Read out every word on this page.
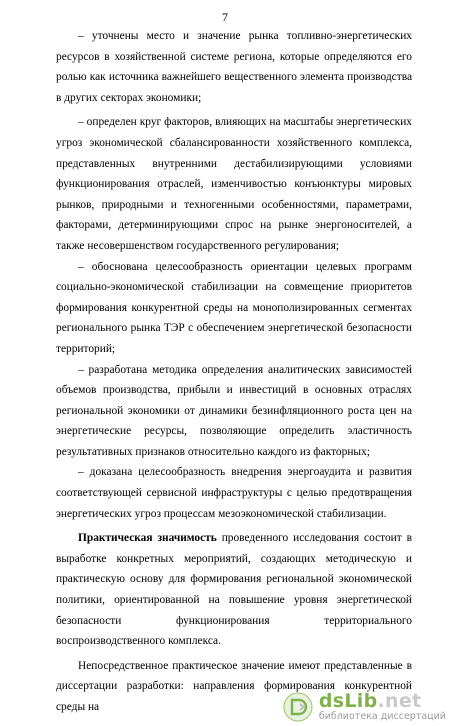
7

– уточнены место и значение рынка топливно-энергетических ресурсов в хозяйственной системе региона, которые определяются его ролью как источника важнейшего вещественного элемента производства в других секторах экономики;

– определен круг факторов, влияющих на масштабы энергетических угроз экономической сбалансированности хозяйственного комплекса, представленных внутренними дестабилизирующими условиями функционирования отраслей, изменчивостью конъюнктуры мировых рынков, природными и техногенными особенностями, параметрами, факторами, детерминирующими спрос на рынке энергоносителей, а также несовершенством государственного регулирования;

– обоснована целесообразность ориентации целевых программ социально-экономической стабилизации на совмещение приоритетов формирования конкурентной среды на монополизированных сегментах регионального рынка ТЭР с обеспечением энергетической безопасности территорий;

– разработана методика определения аналитических зависимостей объемов производства, прибыли и инвестиций в основных отраслях региональной экономики от динамики безинфляционного роста цен на энергетические ресурсы, позволяющие определить эластичность результативных признаков относительно каждого из факторных;

– доказана целесообразность внедрения энергоаудита и развития соответствующей сервисной инфраструктуры с целью предотвращения энергетических угроз процессам мезоэкономической стабилизации.

Практическая значимость проведенного исследования состоит в выработке конкретных мероприятий, создающих методическую и практическую основу для формирования региональной экономической политики, ориентированной на повышение уровня энергетической безопасности функционирования территориального воспроизводственного комплекса.

Непосредственное практическое значение имеют представленные в диссертации разработки: направления формирования конкурентной среды на	dsLib.net
библиотека диссертаций
